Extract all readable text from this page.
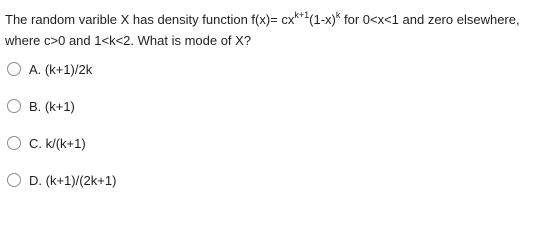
The random varible X has density function $f(x)= cx^{k+1}(1-x)^k$ for 0<x<1 and zero elsewhere,
where c>0 and 1<k<2. What is mode of X?
A. (k+1)/2k
B. (k+1)
C. k/(k+1)
D. (k+1)/(2k+1)
